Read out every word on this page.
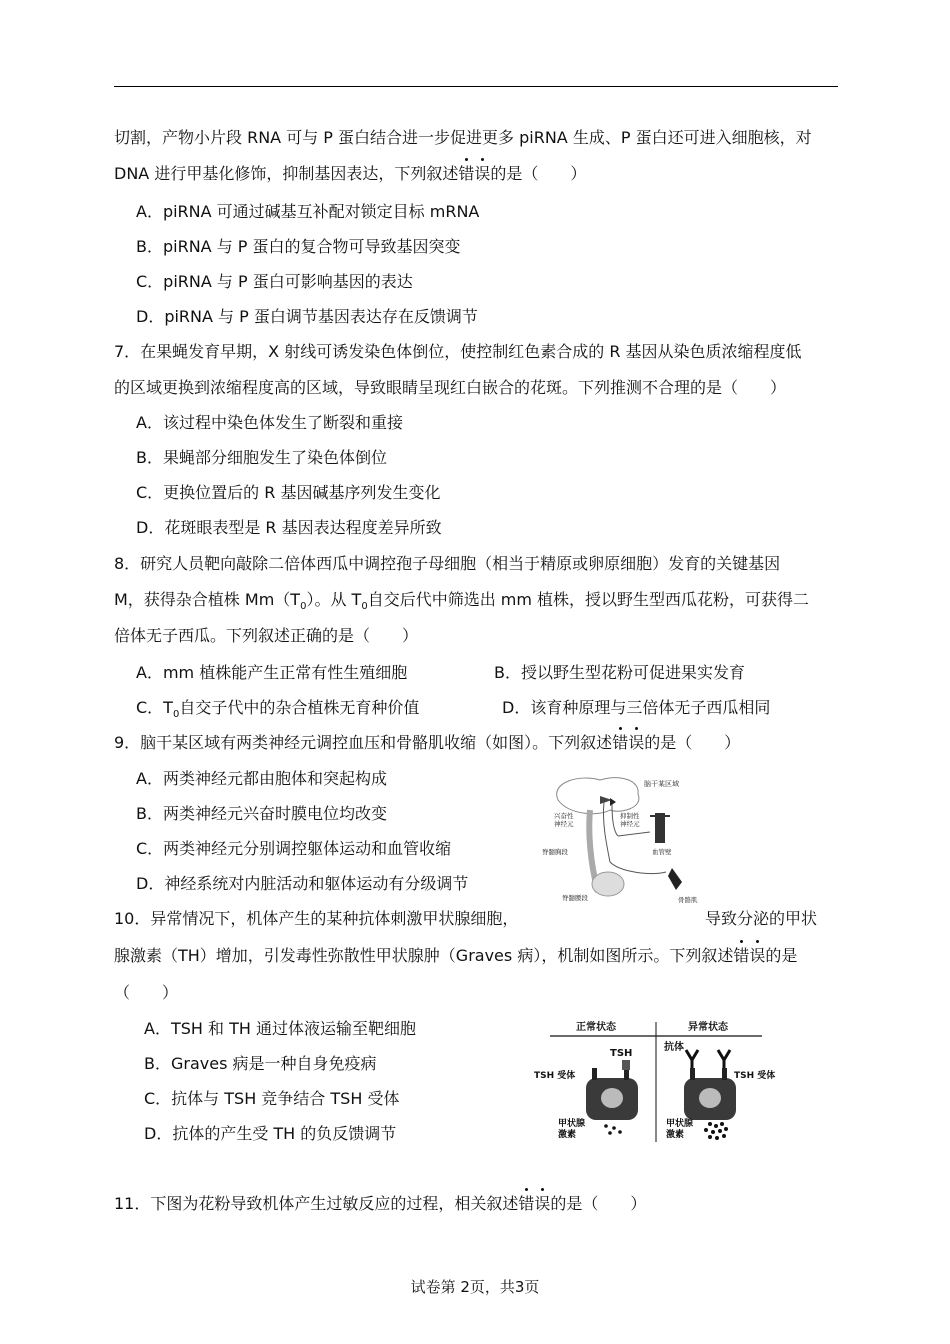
切割，产物小片段 RNA 可与 P 蛋白结合进一步促进更多 piRNA 生成、P 蛋白还可进入细胞核，对
DNA 进行甲基化修饰，抑制基因表达，下列叙述错误的是（　　）
A．piRNA 可通过碱基互补配对锁定目标 mRNA
B．piRNA 与 P 蛋白的复合物可导致基因突变
C．piRNA 与 P 蛋白可影响基因的表达
D．piRNA 与 P 蛋白调节基因表达存在反馈调节
7．在果蝇发育早期，X 射线可诱发染色体倒位，使控制红色素合成的 R 基因从染色质浓缩程度低
的区域更换到浓缩程度高的区域，导致眼睛呈现红白嵌合的花斑。下列推测不合理的是（　　）
A．该过程中染色体发生了断裂和重接
B．果蝇部分细胞发生了染色体倒位
C．更换位置后的 R 基因碱基序列发生变化
D．花斑眼表型是 R 基因表达程度差异所致
8．研究人员靶向敲除二倍体西瓜中调控孢子母细胞（相当于精原或卵原细胞）发育的关键基因
M，获得杂合植株 $Mm(T_0)$。从 $T_0$自交后代中筛选出 mm 植株，授以野生型西瓜花粉，可获得二
倍体无子西瓜。下列叙述正确的是（　　）
A．mm 植株能产生正常有性生殖细胞	B．授以野生型花粉可促进果实发育
C．$T_0$自交子代中的杂合植株无育种价值	D．该育种原理与三倍体无子西瓜相同
9．脑干某区域有两类神经元调控血压和骨骼肌收缩（如图）。下列叙述错误的是（　　）
A．两类神经元都由胞体和突起构成
B．两类神经元兴奋时膜电位均改变
C．两类神经元分别调控躯体运动和血管收缩
D．神经系统对内脏活动和躯体运动有分级调节
脑干某区域
兴奋性
神经元
抑制性
神经元
血管壁
脊髓胸段
脊髓腰段	骨骼肌
10．异常情况下，机体产生的某种抗体刺激甲状腺细胞，	导致分泌的甲状
腺激素（TH）增加，引发毒性弥散性甲状腺肿（Graves 病），机制如图所示。下列叙述错误的是
（　　）
A．TSH 和 TH 通过体液运输至靶细胞
B．Graves 病是一种自身免疫病
C．抗体与 TSH 竞争结合 TSH 受体
D．抗体的产生受 TH 的负反馈调节
正常状态	异常状态
TSH
TSH 受体
甲状腺
激素
抗体
TSH 受体
甲状腺
激素
11．下图为花粉导致机体产生过敏反应的过程，相关叙述错误的是（　　）
试卷第 2页，共3页
